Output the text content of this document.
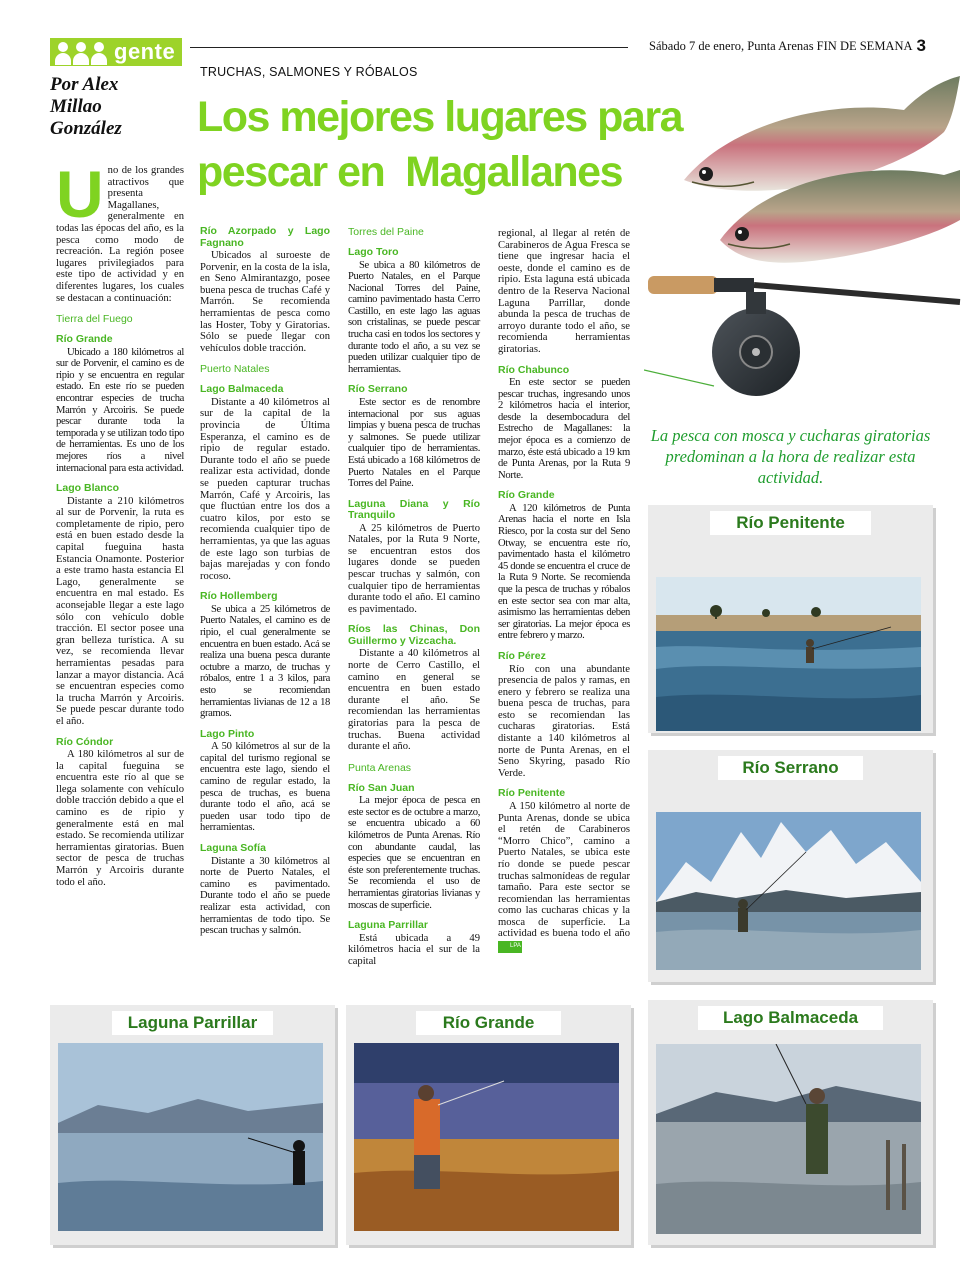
gente	Sábado 7 de enero, Punta Arenas FIN DE SEMANA 3
Por Alex
Millao
González
TRUCHAS, SALMONES Y RÓBALOS
Los mejores lugares para
pescar en  Magallanes
U no de los grandes atractivos que presenta Magallanes, generalmente en todas las épocas del año, es la pesca como modo de recreación. La región posee lugares privilegiados para este tipo de actividad y en diferentes lugares, los cuales se destacan a continuación:

Tierra del Fuego
Río Grande

Ubicado a 180 kilómetros al sur de Porvenir, el camino es de ripio y se encuentra en regular estado. En este río se pueden encontrar especies de trucha Marrón y Arcoiris. Se puede pescar durante toda la temporada y se utilizan todo tipo de herramientas. Es uno de los mejores ríos a nivel internacional para esta actividad.

Lago Blanco

Distante a 210 kilómetros al sur de Porvenir, la ruta es completamente de ripio, pero está en buen estado desde la capital fueguina hasta Estancia Onamonte. Posterior a este tramo hasta estancia El Lago, generalmente se encuentra en mal estado. Es aconsejable llegar a este lago sólo con vehículo doble tracción. El sector posee una gran belleza turística. A su vez, se recomienda llevar herramientas pesadas para lanzar a mayor distancia. Acá se encuentran especies como la trucha Marrón y Arcoiris. Se puede pescar durante todo el año.

Río Cóndor

A 180 kilómetros al sur de la capital fueguina se encuentra este río al que se llega solamente con vehículo doble tracción debido a que el camino es de ripio y generalmente está en mal estado. Se recomienda utilizar herramientas giratorias. Buen sector de pesca de truchas Marrón y Arcoiris durante todo el año.

Río Azorpado y Lago Fagnano

Ubicados al suroeste de Porvenir, en la costa de la isla, en Seno Almirantazgo, posee buena pesca de truchas Café y Marrón. Se recomienda herramientas de pesca como las Hoster, Toby y Giratorias. Sólo se puede llegar con vehículos doble tracción.

Puerto Natales
Lago Balmaceda

Distante a 40 kilómetros al sur de la capital de la provincia de Última Esperanza, el camino es de ripio de regular estado. Durante todo el año se puede realizar esta actividad, donde se pueden capturar truchas Marrón, Café y Arcoiris, las que fluctúan entre los dos a cuatro kilos, por esto se recomienda cualquier tipo de herramientas, ya que las aguas de este lago son turbias de bajas marejadas y con fondo rocoso.

Río Hollemberg

Se ubica a 25 kilómetros de Puerto Natales, el camino es de ripio, el cual generalmente se encuentra en buen estado. Acá se realiza una buena pesca durante octubre a marzo, de truchas y róbalos, entre 1 a 3 kilos, para esto se recomiendan herramientas livianas de 12 a 18 gramos.

Lago Pinto

A 50 kilómetros al sur de la capital del turismo regional se encuentra este lago, siendo el camino de regular estado, la pesca de truchas, es buena durante todo el año, acá se pueden usar todo tipo de herramientas.

Laguna Sofía

Distante a 30 kilómetros al norte de Puerto Natales, el camino es pavimentado. Durante todo el año se puede realizar esta actividad, con herramientas de todo tipo. Se pescan truchas y salmón.

Torres del Paine
Lago Toro

Se ubica a 80 kilómetros de Puerto Natales, en el Parque Nacional Torres del Paine, camino pavimentado hasta Cerro Castillo, en este lago las aguas son cristalinas, se puede pescar trucha casi en todos los sectores y durante todo el año, a su vez se pueden utilizar cualquier tipo de herramientas.

Río Serrano

Este sector es de renombre internacional por sus aguas limpias y buena pesca de truchas y salmones. Se puede utilizar cualquier tipo de herramientas. Está ubicado a 168 kilómetros de Puerto Natales en el Parque Torres del Paine.

Laguna Diana y Río Tranquilo

A 25 kilómetros de Puerto Natales, por la Ruta 9 Norte, se encuentran estos dos lugares donde se pueden pescar truchas y salmón, con cualquier tipo de herramientas durante todo el año. El camino es pavimentado.

Ríos las Chinas, Don Guillermo y Vizcacha.

Distante a 40 kilómetros al norte de Cerro Castillo, el camino en general se encuentra en buen estado durante el año. Se recomiendan las herramientas giratorias para la pesca de truchas. Buena actividad durante el año.

Punta Arenas
Río San Juan

La mejor época de pesca en este sector es de octubre a marzo, se encuentra ubicado a 60 kilómetros de Punta Arenas. Río con abundante caudal, las especies que se encuentran en éste son preferentemente truchas. Se recomienda el uso de herramientas giratorias livianas y moscas de superficie.

Laguna Parrillar

Está ubicada a 49 kilómetros hacia el sur de la capital

regional, al llegar al retén de Carabineros de Agua Fresca se tiene que ingresar hacia el oeste, donde el camino es de ripio. Esta laguna está ubicada dentro de la Reserva Nacional Laguna Parrillar, donde abunda la pesca de truchas de arroyo durante todo el año, se recomienda herramientas giratorias.

Río Chabunco

En este sector se pueden pescar truchas, ingresando unos 2 kilómetros hacia el interior, desde la desembocadura del Estrecho de Magallanes: la mejor época es a comienzo de marzo, éste está ubicado a 19 km de Punta Arenas, por la Ruta 9 Norte.

Río Grande

A 120 kilómetros de Punta Arenas hacia el norte en Isla Riesco, por la costa sur del Seno Otway, se encuentra este río, pavimentado hasta el kilómetro 45 donde se encuentra el cruce de la Ruta 9 Norte. Se recomienda que la pesca de truchas y róbalos en este sector sea con mar alta, asimismo las herramientas deben ser giratorias. La mejor época es entre febrero y marzo.

Río Pérez

Río con una abundante presencia de palos y ramas, en enero y febrero se realiza una buena pesca de truchas, para esto se recomiendan las cucharas giratorias. Está distante a 140 kilómetros al norte de Punta Arenas, en el Seno Skyring, pasado Río Verde.

Río Penitente

A 150 kilómetro al norte de Punta Arenas, donde se ubica el retén de Carabineros “Morro Chico”, camino a Puerto Natales, se ubica este río donde se puede pescar truchas salmonídeas de regular tamaño. Para este sector se recomiendan las herramientas como las cucharas chicas y la mosca de superficie. La actividad es buena todo el año LPA

La pesca con mosca y cucharas giratorias predominan a la hora de realizar esta actividad.
Río Penitente
Río Serrano
Laguna Parrillar	Río Grande	Lago Balmaceda
